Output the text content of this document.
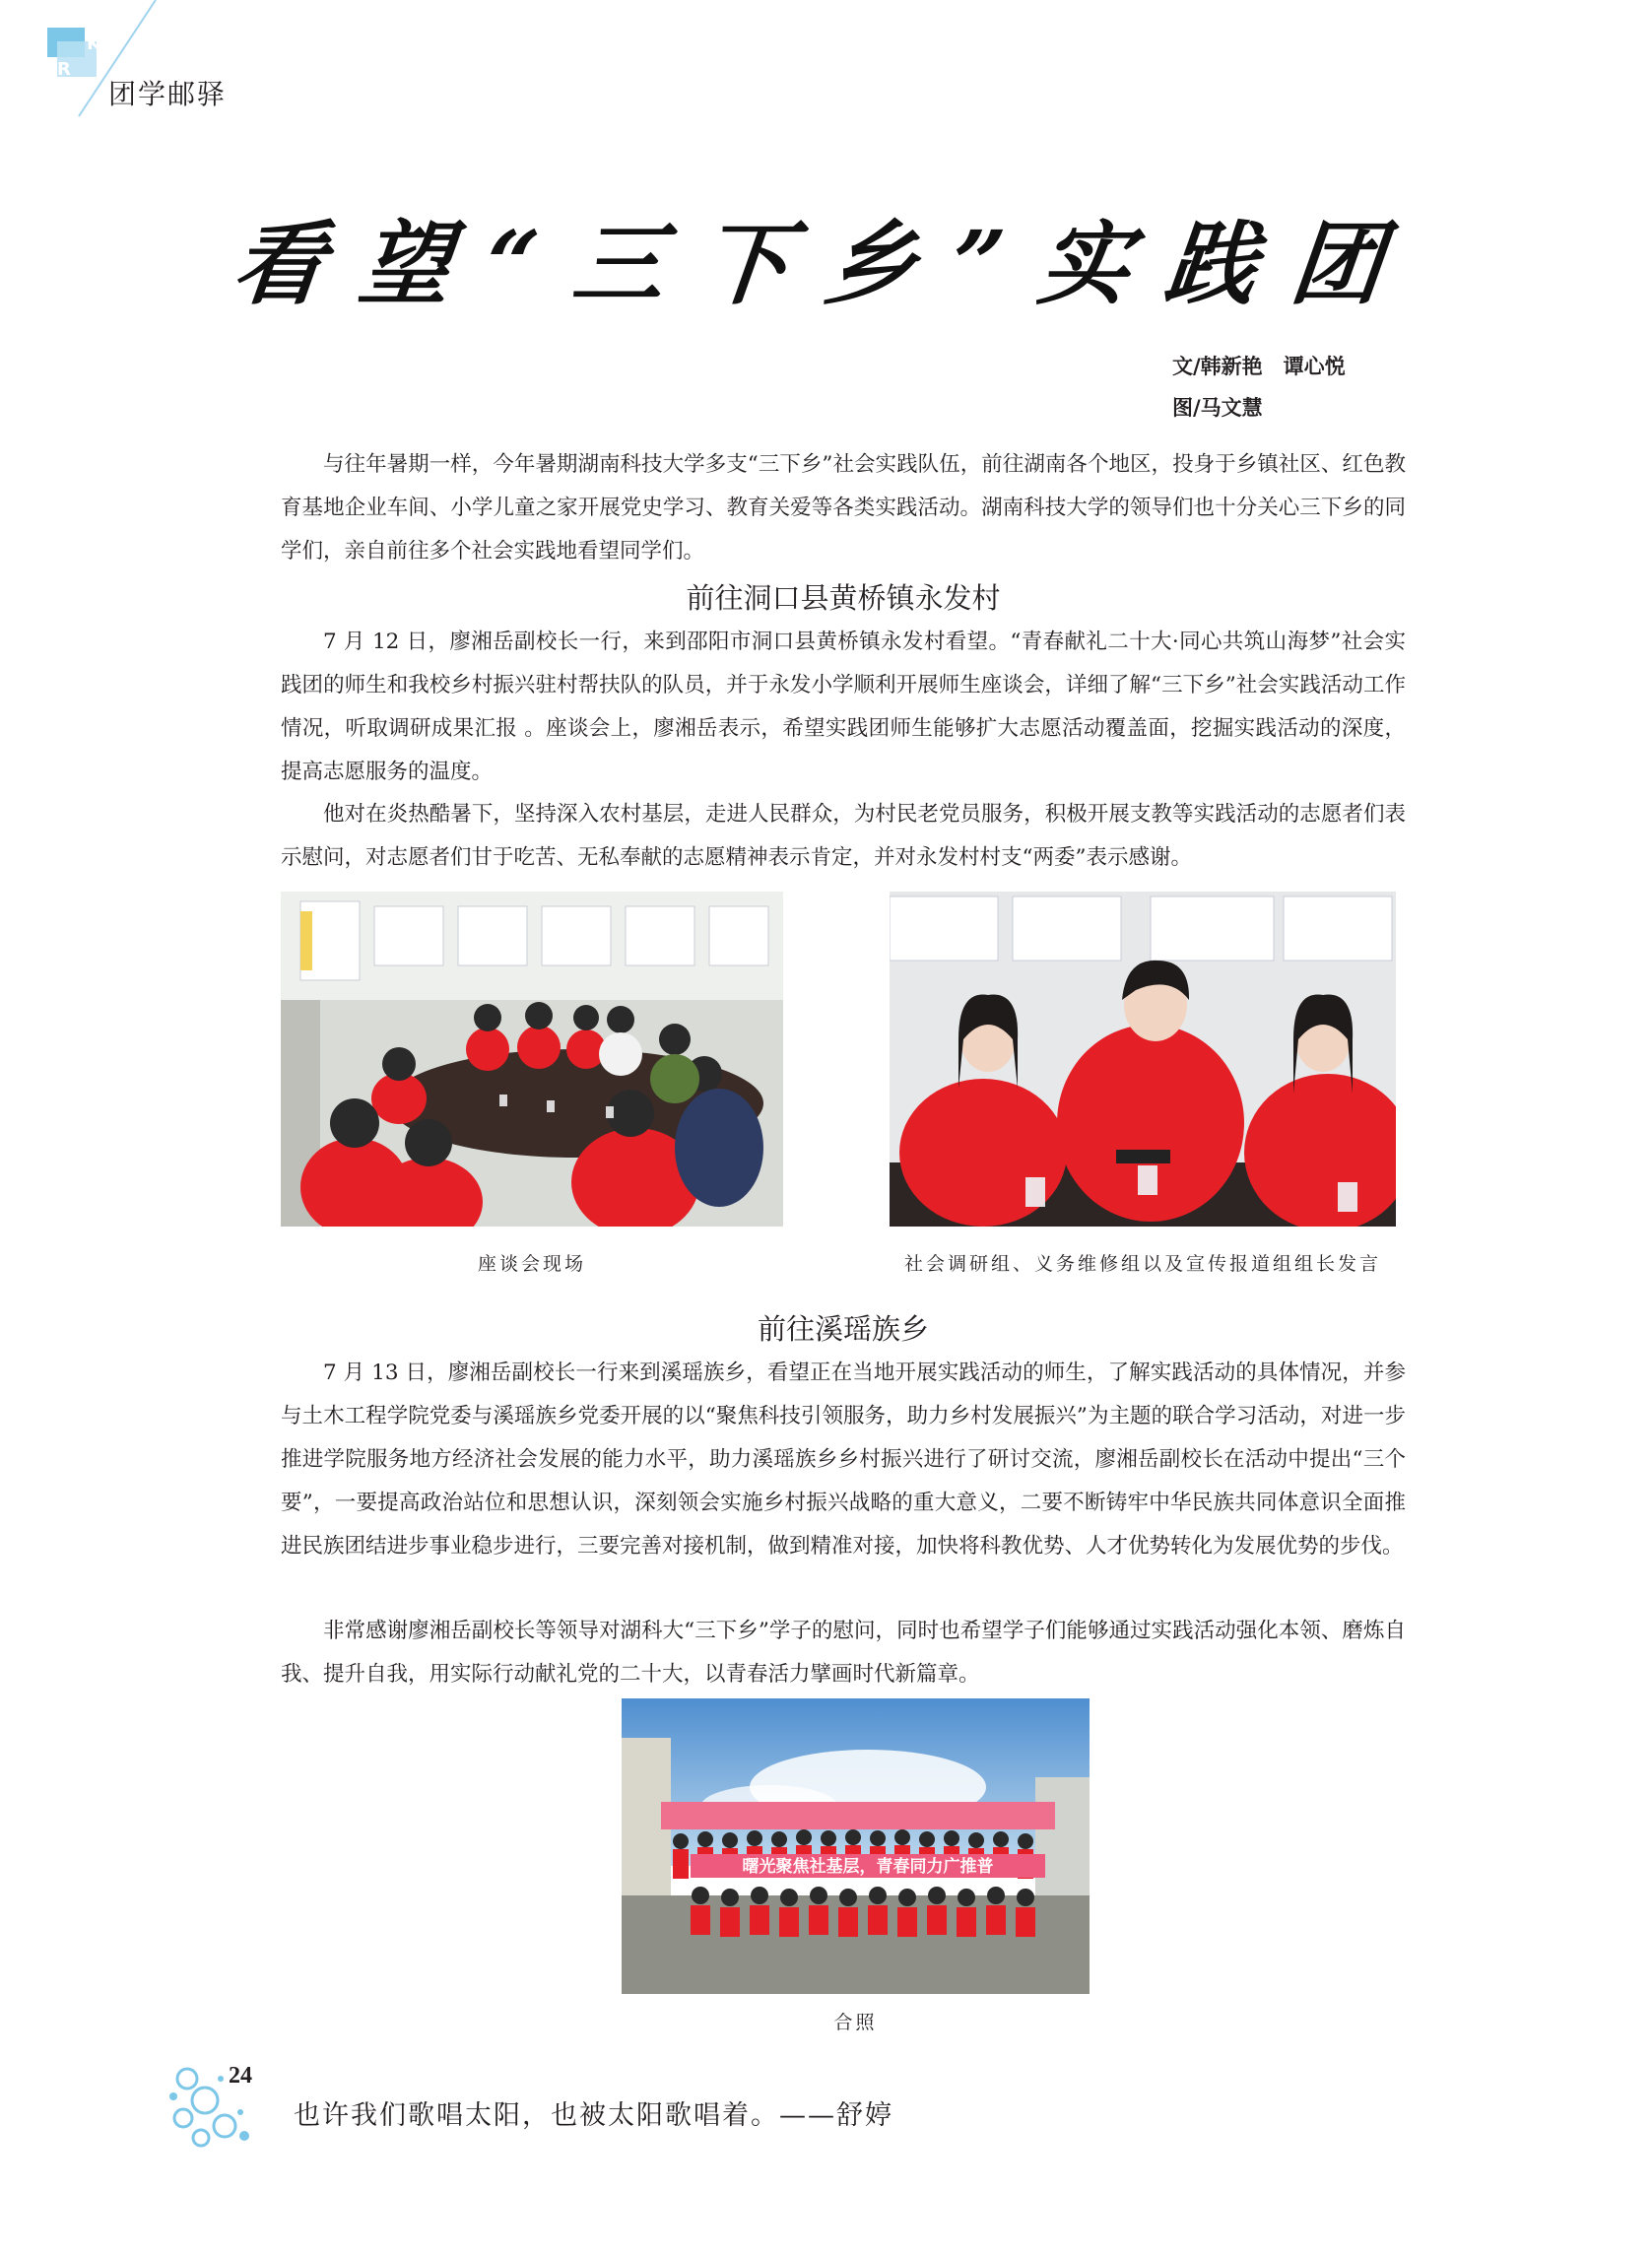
K
R
团学邮驿
看望“三下乡”实践团
文/韩新艳　谭心悦
图/马文慧

与往年暑期一样，今年暑期湖南科技大学多支“三下乡”社会实践队伍，前往湖南各个地区，投身于乡镇社区、红色教育基地企业车间、小学儿童之家开展党史学习、教育关爱等各类实践活动。湖南科技大学的领导们也十分关心三下乡的同学们，亲自前往多个社会实践地看望同学们。

前往洞口县黄桥镇永发村

7 月 12 日，廖湘岳副校长一行，来到邵阳市洞口县黄桥镇永发村看望。“青春献礼二十大·同心共筑山海梦”社会实践团的师生和我校乡村振兴驻村帮扶队的队员，并于永发小学顺利开展师生座谈会，详细了解“三下乡”社会实践活动工作情况，听取调研成果汇报 。座谈会上，廖湘岳表示，希望实践团师生能够扩大志愿活动覆盖面，挖掘实践活动的深度，提高志愿服务的温度。

他对在炎热酷暑下，坚持深入农村基层，走进人民群众，为村民老党员服务，积极开展支教等实践活动的志愿者们表示慰问，对志愿者们甘于吃苦、无私奉献的志愿精神表示肯定，并对永发村村支“两委”表示感谢。

座谈会现场	社会调研组、义务维修组以及宣传报道组组长发言
前往溪瑶族乡

7 月 13 日，廖湘岳副校长一行来到溪瑶族乡，看望正在当地开展实践活动的师生，了解实践活动的具体情况，并参与土木工程学院党委与溪瑶族乡党委开展的以“聚焦科技引领服务，助力乡村发展振兴”为主题的联合学习活动，对进一步推进学院服务地方经济社会发展的能力水平，助力溪瑶族乡乡村振兴进行了研讨交流，廖湘岳副校长在活动中提出“三个要”，一要提高政治站位和思想认识，深刻领会实施乡村振兴战略的重大意义，二要不断铸牢中华民族共同体意识全面推进民族团结进步事业稳步进行，三要完善对接机制，做到精准对接，加快将科教优势、人才优势转化为发展优势的步伐。

非常感谢廖湘岳副校长等领导对湖科大“三下乡”学子的慰问，同时也希望学子们能够通过实践活动强化本领、磨炼自我、提升自我，用实际行动献礼党的二十大，以青春活力擘画时代新篇章。

曙光聚焦社基层，青春同力广推普
合照
24
也许我们歌唱太阳，也被太阳歌唱着。——舒婷
